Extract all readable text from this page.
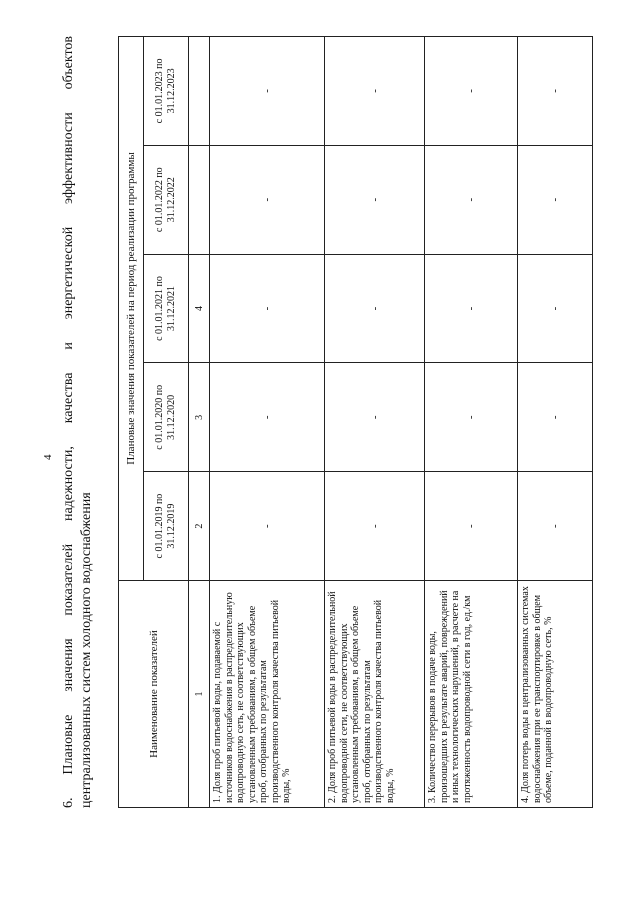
4 6. Плановые значения показателей надежности, качества и энергетической эффективности объектов централизованных систем холодного водоснабжения	Наименование показателей	Плановые значения показателей на период реализации программы				
	с 01.01.2019 по 31.12.2019	с 01.01.2020 по 31.12.2020	с 01.01.2021 по 31.12.2021	с 01.01.2022 по 31.12.2022	с 01.01.2023 по 31.12.2023
1	2	3	4		
1. Доля проб питьевой воды, подаваемой с источников водоснабжения в распределительную водопроводную сеть, не соответствующих установленным требованиям, в общем объеме проб, отобранных по результатам производственного контроля качества питьевой воды, %	-	-	-	-	-
2. Доля проб питьевой воды в распределительной водопроводной сети, не соответствующих установленным требованиям, в общем объеме проб, отобранных по результатам производственного контроля качества питьевой воды, %	-	-	-	-	-
3. Количество перерывов в подаче воды, произошедших в результате аварий, повреждений и иных технологических нарушений, в расчете на протяженность водопроводной сети в год, ед./км	-	-	-	-	-
4. Доля потерь воды в централизованных системах водоснабжения при ее транспортировке в общем объеме, поданной в водопроводную сеть, %	-	-	-	-	-
